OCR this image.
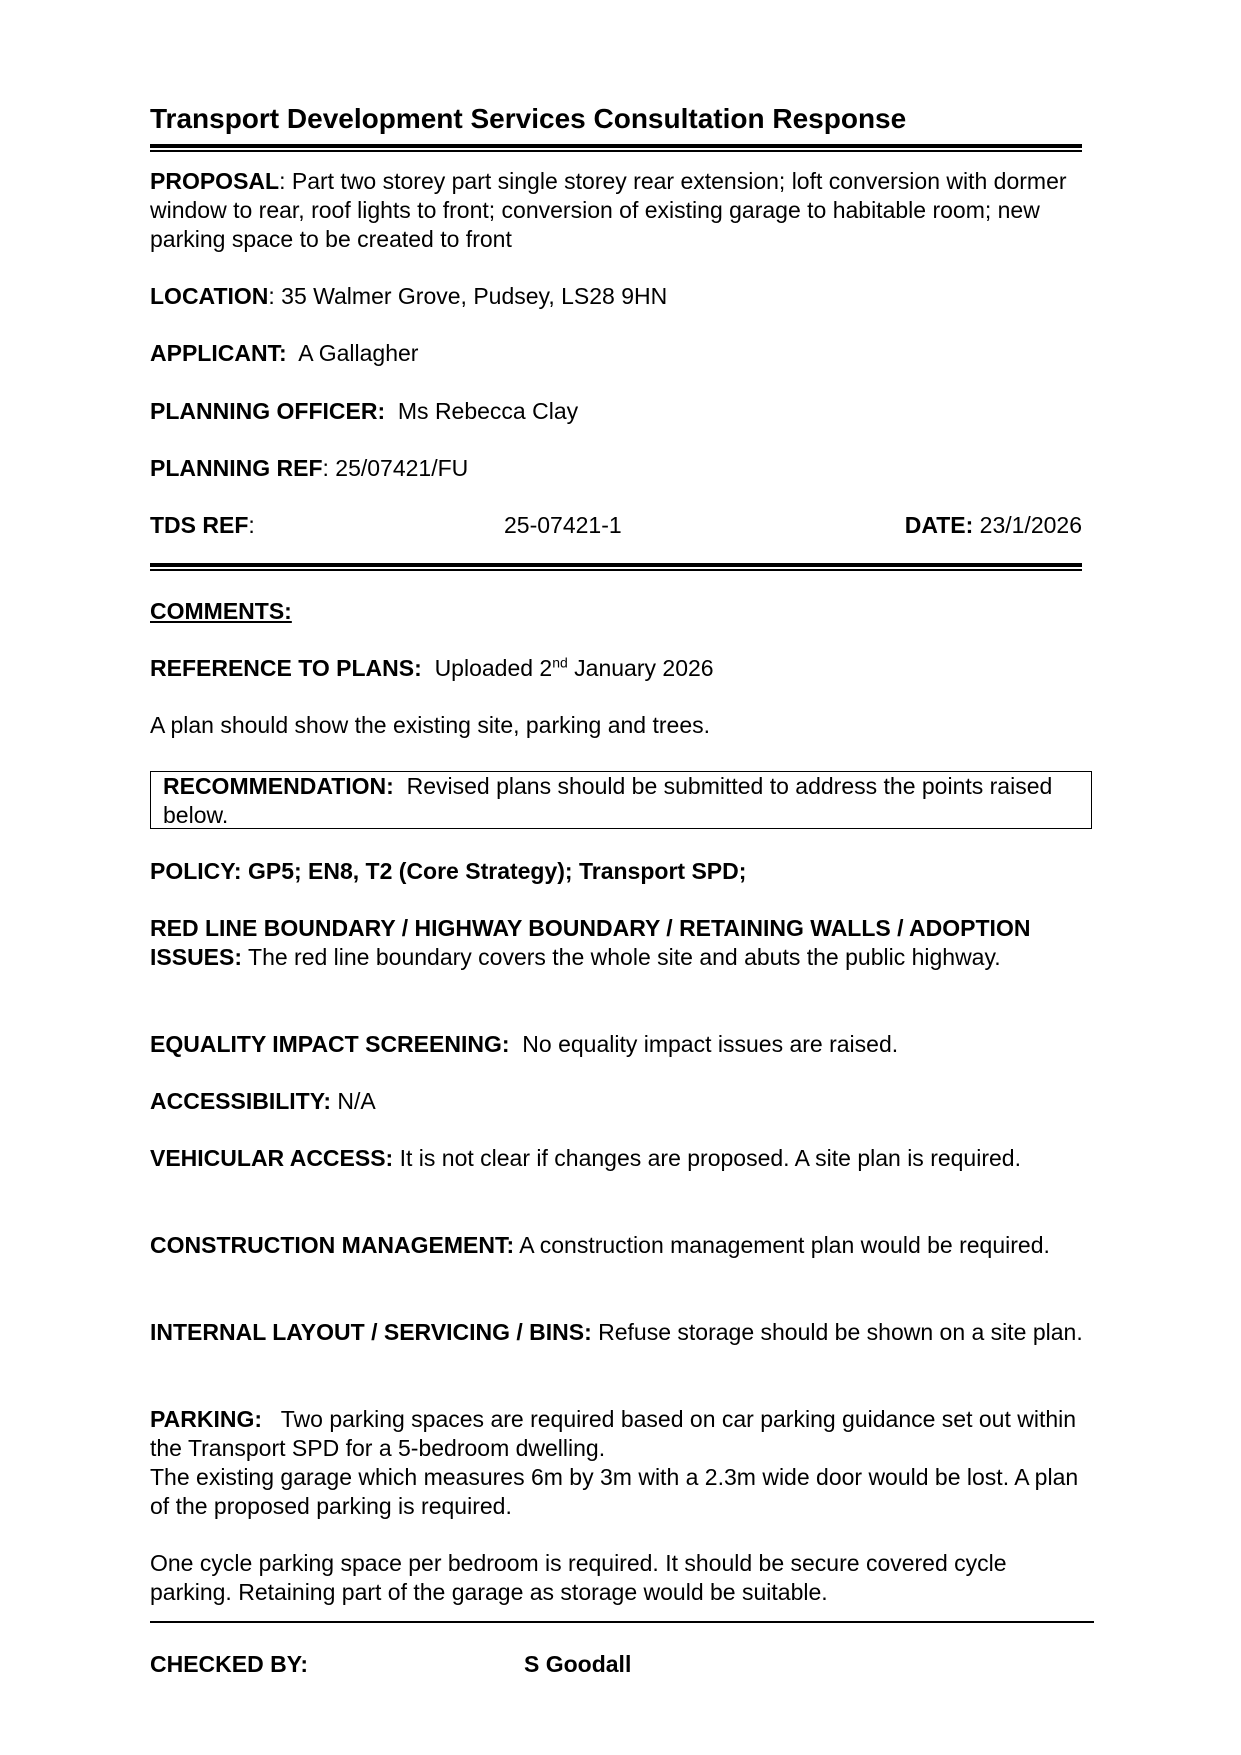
Transport Development Services Consultation Response

PROPOSAL: Part two storey part single storey rear extension; loft conversion with dormer window to rear, roof lights to front; conversion of existing garage to habitable room; new parking space to be created to front

LOCATION: 35 Walmer Grove, Pudsey, LS28 9HN

APPLICANT: A Gallagher

PLANNING OFFICER: Ms Rebecca Clay

PLANNING REF: 25/07421/FU

TDS REF:	25-07421-1	DATE: 23/1/2026

COMMENTS:

REFERENCE TO PLANS: Uploaded 2nd January 2026

A plan should show the existing site, parking and trees.

RECOMMENDATION: Revised plans should be submitted to address the points raised below.

POLICY: GP5; EN8, T2 (Core Strategy); Transport SPD;

RED LINE BOUNDARY / HIGHWAY BOUNDARY / RETAINING WALLS / ADOPTION ISSUES: The red line boundary covers the whole site and abuts the public highway.

EQUALITY IMPACT SCREENING: No equality impact issues are raised.

ACCESSIBILITY: N/A

VEHICULAR ACCESS: It is not clear if changes are proposed. A site plan is required.

CONSTRUCTION MANAGEMENT: A construction management plan would be required.

INTERNAL LAYOUT / SERVICING / BINS: Refuse storage should be shown on a site plan.

PARKING: Two parking spaces are required based on car parking guidance set out within the Transport SPD for a 5-bedroom dwelling.

The existing garage which measures 6m by 3m with a 2.3m wide door would be lost. A plan of the proposed parking is required.

One cycle parking space per bedroom is required. It should be secure covered cycle parking. Retaining part of the garage as storage would be suitable.

CHECKED BY:	S Goodall
